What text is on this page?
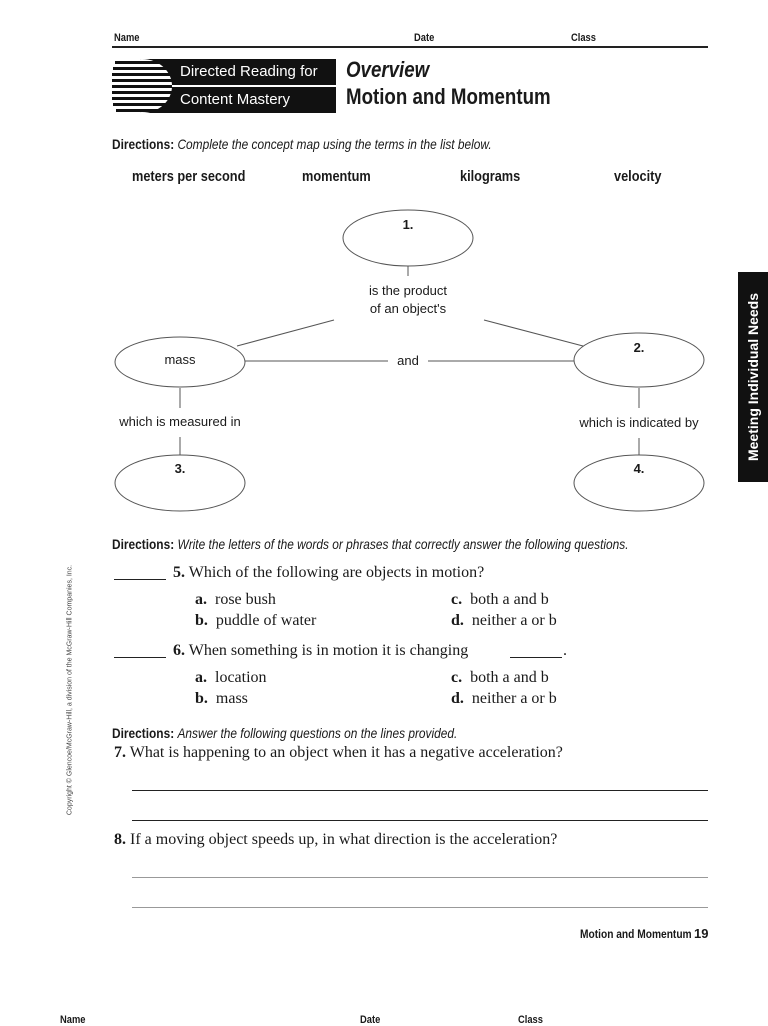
Name	Date	Class
Directed Reading for
Content Mastery
Overview
Motion and Momentum
Directions: Complete the concept map using the terms in the list below.
meters per second	momentum	kilograms	velocity
1.
is the product
of an object's
mass	and
2.
which is measured in	which is indicated by
3.	4.
Directions: Write the letters of the words or phrases that correctly answer the following questions.
5. Which of the following are objects in motion?
a. rose bush
b. puddle of water
c. both a and b
d. neither a or b
6. When something is in motion it is changing	.
a. location
b. mass
c. both a and b
d. neither a or b
Directions: Answer the following questions on the lines provided.
7. What is happening to an object when it has a negative acceleration?
8. If a moving object speeds up, in what direction is the acceleration?
Motion and Momentum 19
Meeting Individual Needs
Copyright © Glencoe/McGraw-Hill, a division of the McGraw-Hill Companies, Inc.
Name	Date	Class
